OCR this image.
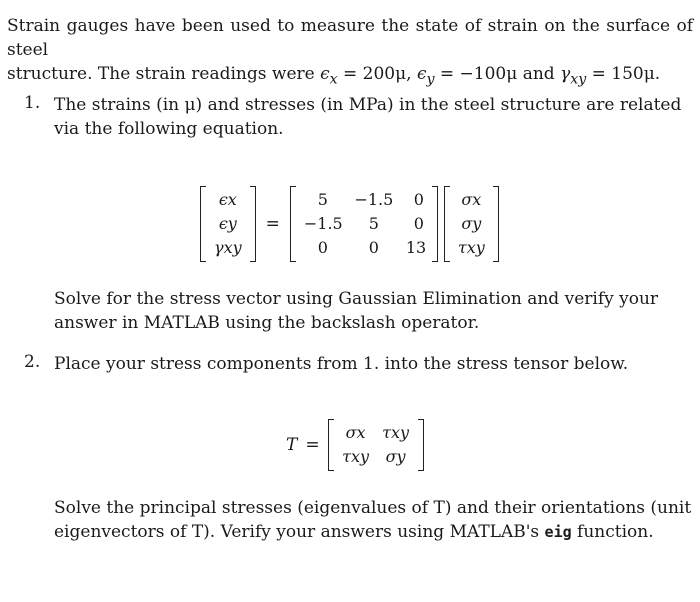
Strain gauges have been used to measure the state of strain on the surface of steel
structure. The strain readings were $\epsilon_x = 200\mu$, $\epsilon_y = -100\mu$ and $\gamma_{xy} = 150\mu$.
1. The strains (in μ) and stresses (in MPa) in the steel structure are related
via the following equation.
ϵx
ϵy
γxy
=
5	−1.5	0
−1.5	5	0
0	0	13
σx
σy
τxy
Solve for the stress vector using Gaussian Elimination and verify your
answer in MATLAB using the backslash operator.
2. Place your stress components from 1. into the stress tensor below.
T =
σx	τxy
τxy	σy
Solve the principal stresses (eigenvalues of T) and their orientations (unit
eigenvectors of T). Verify your answers using MATLAB's eig function.
